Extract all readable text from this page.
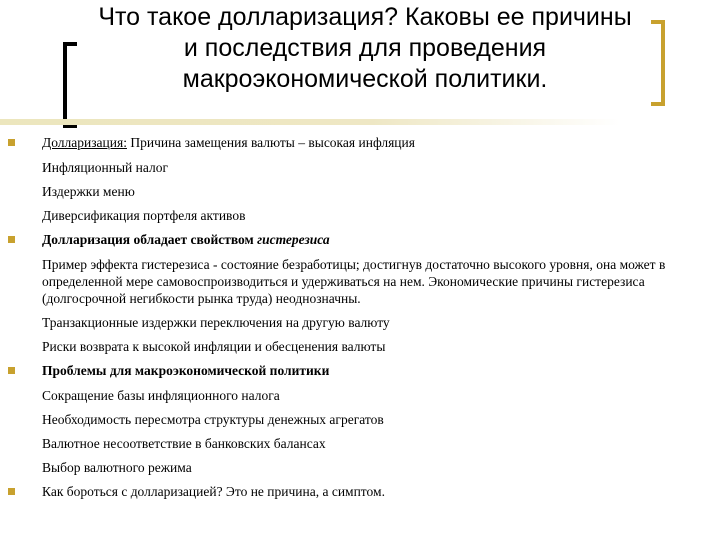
Что такое долларизация? Каковы ее причины
и последствия для проведения
макроэкономической политики.
Долларизация: Причина замещения валюты – высокая инфляция
Инфляционный налог
Издержки меню
Диверсификация портфеля активов
Долларизация обладает свойством гистерезиса
Пример эффекта гистерезиса - состояние безработицы; достигнув достаточно высокого уровня, она может в определенной мере самовоспроизводиться и удерживаться на нем. Экономические причины гистерезиса (долгосрочной негибкости рынка труда) неоднозначны.
Транзакционные издержки переключения на другую валюту
Риски возврата к высокой инфляции и обесценения валюты
Проблемы для макроэкономической политики
Сокращение базы инфляционного налога
Необходимость пересмотра структуры денежных агрегатов
Валютное несоответствие в банковских балансах
Выбор валютного режима
Как бороться с долларизацией? Это не причина, а симптом.
